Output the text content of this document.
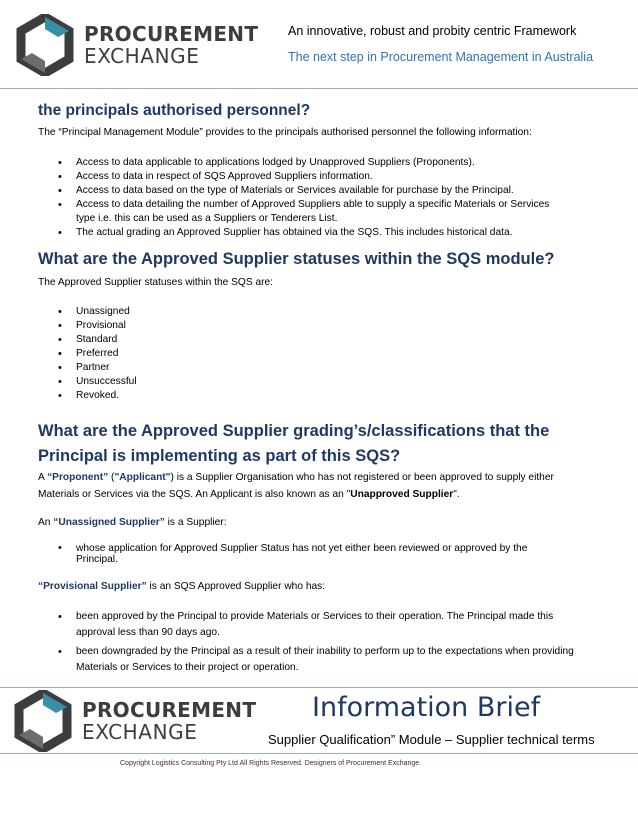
PROCUREMENT
EXCHANGE
An innovative, robust and probity centric Framework
The next step in Procurement Management in Australia
the principals authorised personnel?
The “Principal Management Module” provides to the principals authorised personnel the following information:
• Access to data applicable to applications lodged by Unapproved Suppliers (Proponents).
• Access to data in respect of SQS Approved Suppliers information.
• Access to data based on the type of Materials or Services available for purchase by the Principal.
• Access to data detailing the number of Approved Suppliers able to supply a specific Materials or Services type i.e. this can be used as a Suppliers or Tenderers List.
• The actual grading an Approved Supplier has obtained via the SQS. This includes historical data.
What are the Approved Supplier statuses within the SQS module?
The Approved Supplier statuses within the SQS are:
• Unassigned
• Provisional
• Standard
• Preferred
• Partner
• Unsuccessful
• Revoked.
What are the Approved Supplier grading’s/classifications that the
Principal is implementing as part of this SQS?
A “Proponent” ("Applicant") is a Supplier Organisation who has not registered or been approved to supply either Materials or Services via the SQS. An Applicant is also known as an "Unapproved Supplier".
An “Unassigned Supplier” is a Supplier:
• whose application for Approved Supplier Status has not yet either been reviewed or approved by the Principal.
“Provisional Supplier” is an SQS Approved Supplier who has:
• been approved by the Principal to provide Materials or Services to their operation. The Principal made this approval less than 90 days ago.
• been downgraded by the Principal as a result of their inability to perform up to the expectations when providing Materials or Services to their project or operation.
PROCUREMENT
EXCHANGE
Information Brief
Supplier Qualification” Module – Supplier technical terms
Copyright Logistics Consulting Pty Ltd All Rights Reserved. Designers of Procurement Exchange.
